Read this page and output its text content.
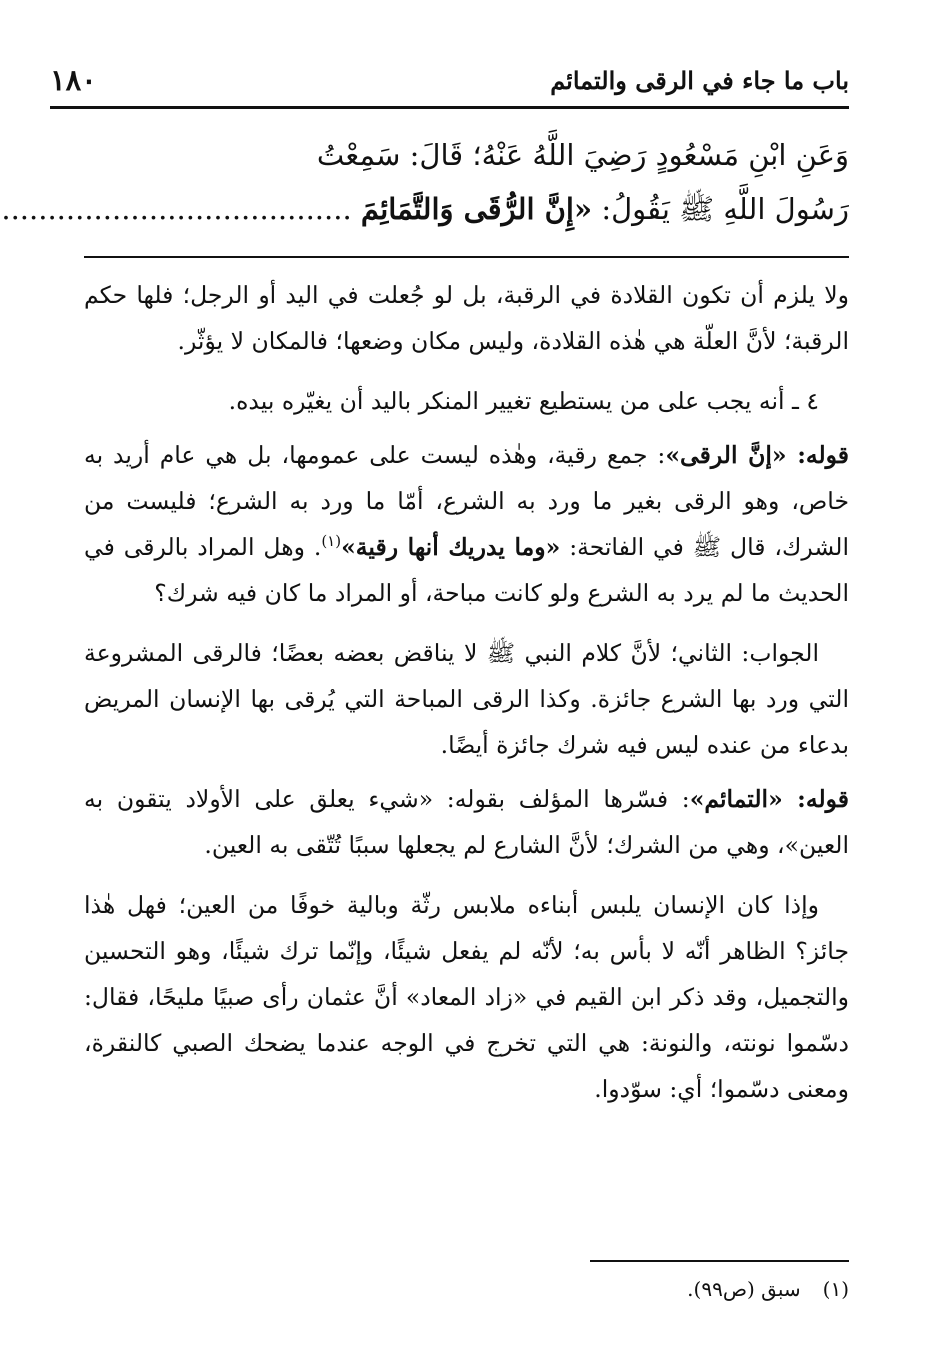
باب ما جاء في الرقى والتمائم
١٨٠
وَعَنِ ابْنِ مَسْعُودٍ رَضِيَ اللَّهُ عَنْهُ؛ قَالَ: سَمِعْتُ
رَسُولَ اللَّهِ ﷺ يَقُولُ: «إِنَّ الرُّقَى وَالتَّمَائِمَ ......................................

ولا يلزم أن تكون القلادة في الرقبة، بل لو جُعلت في اليد أو الرجل؛ فلها حكم الرقبة؛ لأنَّ العلّة هي هٰذه القلادة، وليس مكان وضعها؛ فالمكان لا يؤثّر.

٤ ـ أنه يجب على من يستطيع تغيير المنكر باليد أن يغيّره بيده.

قوله: «إنَّ الرقى»: جمع رقية، وهٰذه ليست على عمومها، بل هي عام أريد به خاص، وهو الرقى بغير ما ورد به الشرع، أمّا ما ورد به الشرع؛ فليست من الشرك، قال ﷺ في الفاتحة: «وما يدريك أنها رقية»$^{(١)}$. وهل المراد بالرقى في الحديث ما لم يرد به الشرع ولو كانت مباحة، أو المراد ما كان فيه شرك؟

الجواب: الثاني؛ لأنَّ كلام النبي ﷺ لا يناقض بعضه بعضًا؛ فالرقى المشروعة التي ورد بها الشرع جائزة. وكذا الرقى المباحة التي يُرقى بها الإنسان المريض بدعاء من عنده ليس فيه شرك جائزة أيضًا.

قوله: «التمائم»: فسّرها المؤلف بقوله: «شيء يعلق على الأولاد يتقون به العين»، وهي من الشرك؛ لأنَّ الشارع لم يجعلها سببًا تُتّقى به العين.

وإذا كان الإنسان يلبس أبناءه ملابس رثّة وبالية خوفًا من العين؛ فهل هٰذا جائز؟ الظاهر أنّه لا بأس به؛ لأنّه لم يفعل شيئًا، وإنّما ترك شيئًا، وهو التحسين والتجميل، وقد ذكر ابن القيم في «زاد المعاد» أنَّ عثمان رأى صبيًا مليحًا، فقال: دسّموا نونته، والنونة: هي التي تخرج في الوجه عندما يضحك الصبي كالنقرة، ومعنى دسّموا؛ أي: سوّدوا.

(١)سبق (ص٩٩).
